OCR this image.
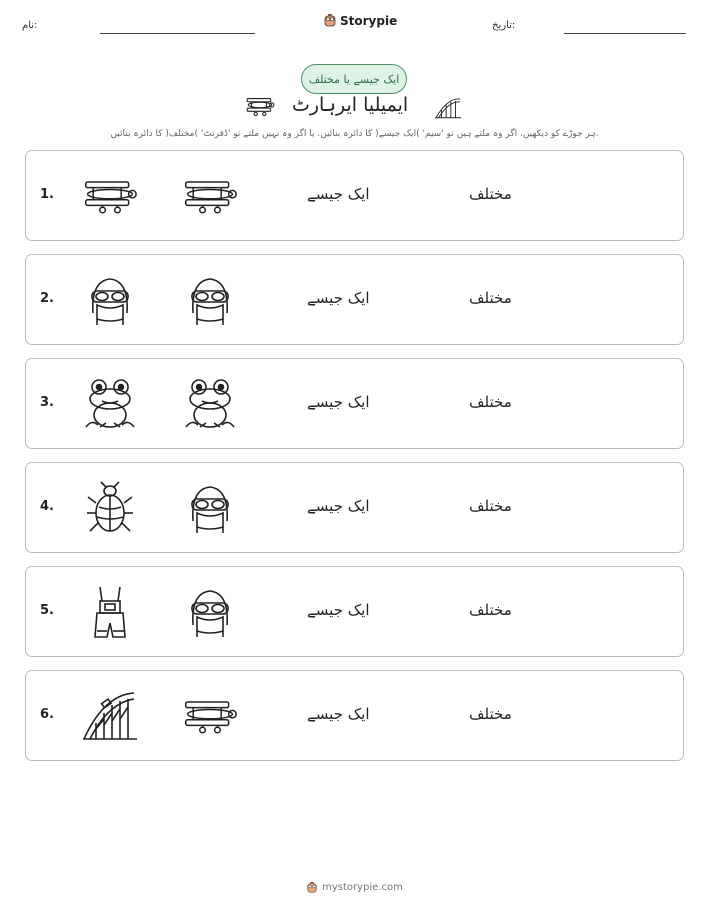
نام:	Storypie	تاریخ:
ایک جیسے یا مختلف
ایمیلیا ایرہارٹ
ہر جوڑے کو دیکھیں. اگر وہ ملتے ہیں تو 'سیم' )ایک جیسے( کا دائرہ بنائیں. یا اگر وہ نہیں ملتے تو 'ڈفرنٹ' )مختلف( کا دائرہ بنائیں.
1.	ایک جیسے	مختلف
2.	ایک جیسے	مختلف
3.	ایک جیسے	مختلف
4.	ایک جیسے	مختلف
5.	ایک جیسے	مختلف
6.	ایک جیسے	مختلف
mystorypie.com
